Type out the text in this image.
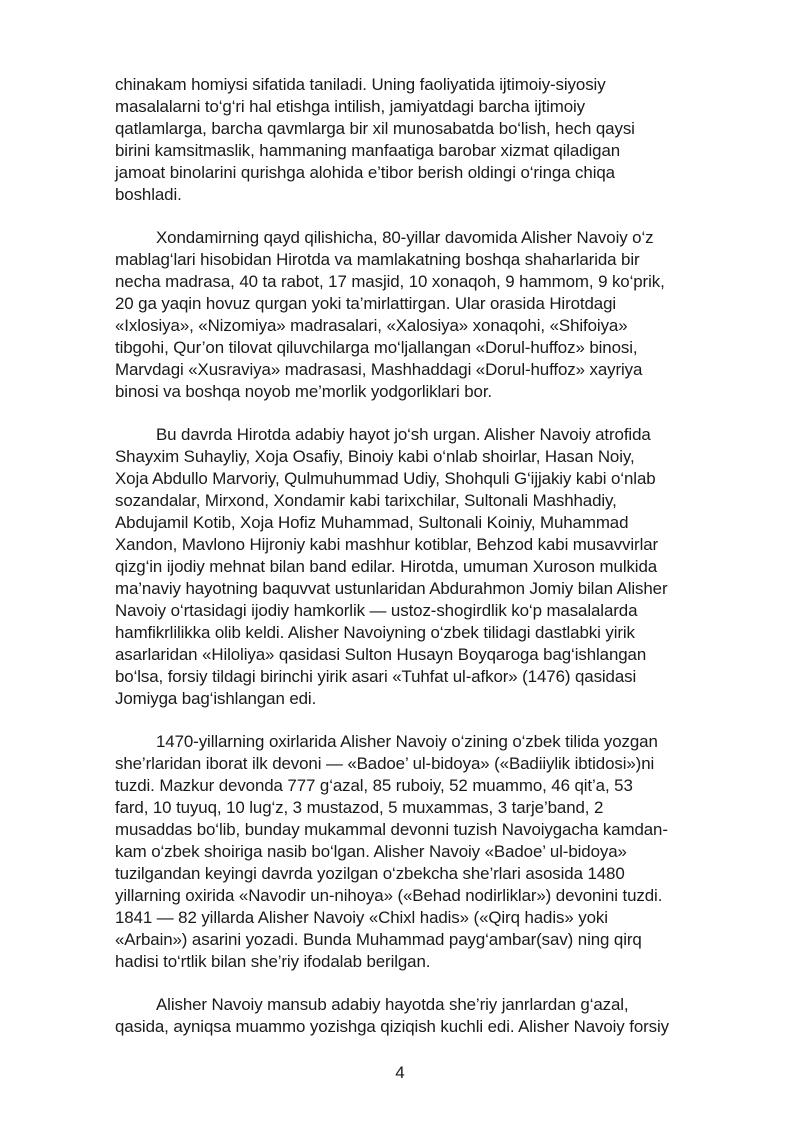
chinakam homiysi sifatida taniladi. Uning faoliyatida ijtimoiy-siyosiy
masalalarni to‘g‘ri hal etishga intilish, jamiyatdagi barcha ijtimoiy
qatlamlarga, barcha qavmlarga bir xil munosabatda bo‘lish, hech qaysi
birini kamsitmaslik, hammaning manfaatiga barobar xizmat qiladigan
jamoat binolarini qurishga alohida e’tibor berish oldingi o‘ringa chiqa
boshladi.

Xondamirning qayd qilishicha, 80-yillar davomida Alisher Navoiy o‘z
mablag‘lari hisobidan Hirotda va mamlakatning boshqa shaharlarida bir
necha madrasa, 40 ta rabot, 17 masjid, 10 xonaqoh, 9 hammom, 9 ko‘prik,
20 ga yaqin hovuz qurgan yoki ta’mirlattirgan. Ular orasida Hirotdagi
«Ixlosiya», «Nizomiya» madrasalari, «Xalosiya» xonaqohi, «Shifoiya»
tibgohi, Qur’on tilovat qiluvchilarga mo‘ljallangan «Dorul-huffoz» binosi,
Marvdagi «Xusraviya» madrasasi, Mashhaddagi «Dorul-huffoz» xayriya
binosi va boshqa noyob me’morlik yodgorliklari bor.

Bu davrda Hirotda adabiy hayot jo‘sh urgan. Alisher Navoiy atrofida
Shayxim Suhayliy, Xoja Osafiy, Binoiy kabi o‘nlab shoirlar, Hasan Noiy,
Xoja Abdullo Marvoriy, Qulmuhummad Udiy, Shohquli G‘ijjakiy kabi o‘nlab
sozandalar, Mirxond, Xondamir kabi tarixchilar, Sultonali Mashhadiy,
Abdujamil Kotib, Xoja Hofiz Muhammad, Sultonali Koiniy, Muhammad
Xandon, Mavlono Hijroniy kabi mashhur kotiblar, Behzod kabi musavvirlar
qizg‘in ijodiy mehnat bilan band edilar. Hirotda, umuman Xuroson mulkida
ma’naviy hayotning baquvvat ustunlaridan Abdurahmon Jomiy bilan Alisher
Navoiy o‘rtasidagi ijodiy hamkorlik — ustoz-shogirdlik ko‘p masalalarda
hamfikrlilikka olib keldi. Alisher Navoiyning o‘zbek tilidagi dastlabki yirik
asarlaridan «Hiloliya» qasidasi Sulton Husayn Boyqaroga bag‘ishlangan
bo‘lsa, forsiy tildagi birinchi yirik asari «Tuhfat ul-afkor» (1476) qasidasi
Jomiyga bag‘ishlangan edi.

1470-yillarning oxirlarida Alisher Navoiy o‘zining o‘zbek tilida yozgan
she’rlaridan iborat ilk devoni — «Badoe’ ul-bidoya» («Badiiylik ibtidosi»)ni
tuzdi. Mazkur devonda 777 g‘azal, 85 ruboiy, 52 muammo, 46 qit’a, 53
fard, 10 tuyuq, 10 lug‘z, 3 mustazod, 5 muxammas, 3 tarje’band, 2
musaddas bo‘lib, bunday mukammal devonni tuzish Navoiygacha kamdan-
kam o‘zbek shoiriga nasib bo‘lgan. Alisher Navoiy «Badoe’ ul-bidoya»
tuzilgandan keyingi davrda yozilgan o‘zbekcha she’rlari asosida 1480
yillarning oxirida «Navodir un-nihoya» («Behad nodirliklar») devonini tuzdi.
1841 — 82 yillarda Alisher Navoiy «Chixl hadis» («Qirq hadis» yoki
«Arbain») asarini yozadi. Bunda Muhammad payg‘ambar(sav) ning qirq
hadisi to‘rtlik bilan she’riy ifodalab berilgan.

Alisher Navoiy mansub adabiy hayotda she’riy janrlardan g‘azal,
qasida, ayniqsa muammo yozishga qiziqish kuchli edi. Alisher Navoiy forsiy

4
